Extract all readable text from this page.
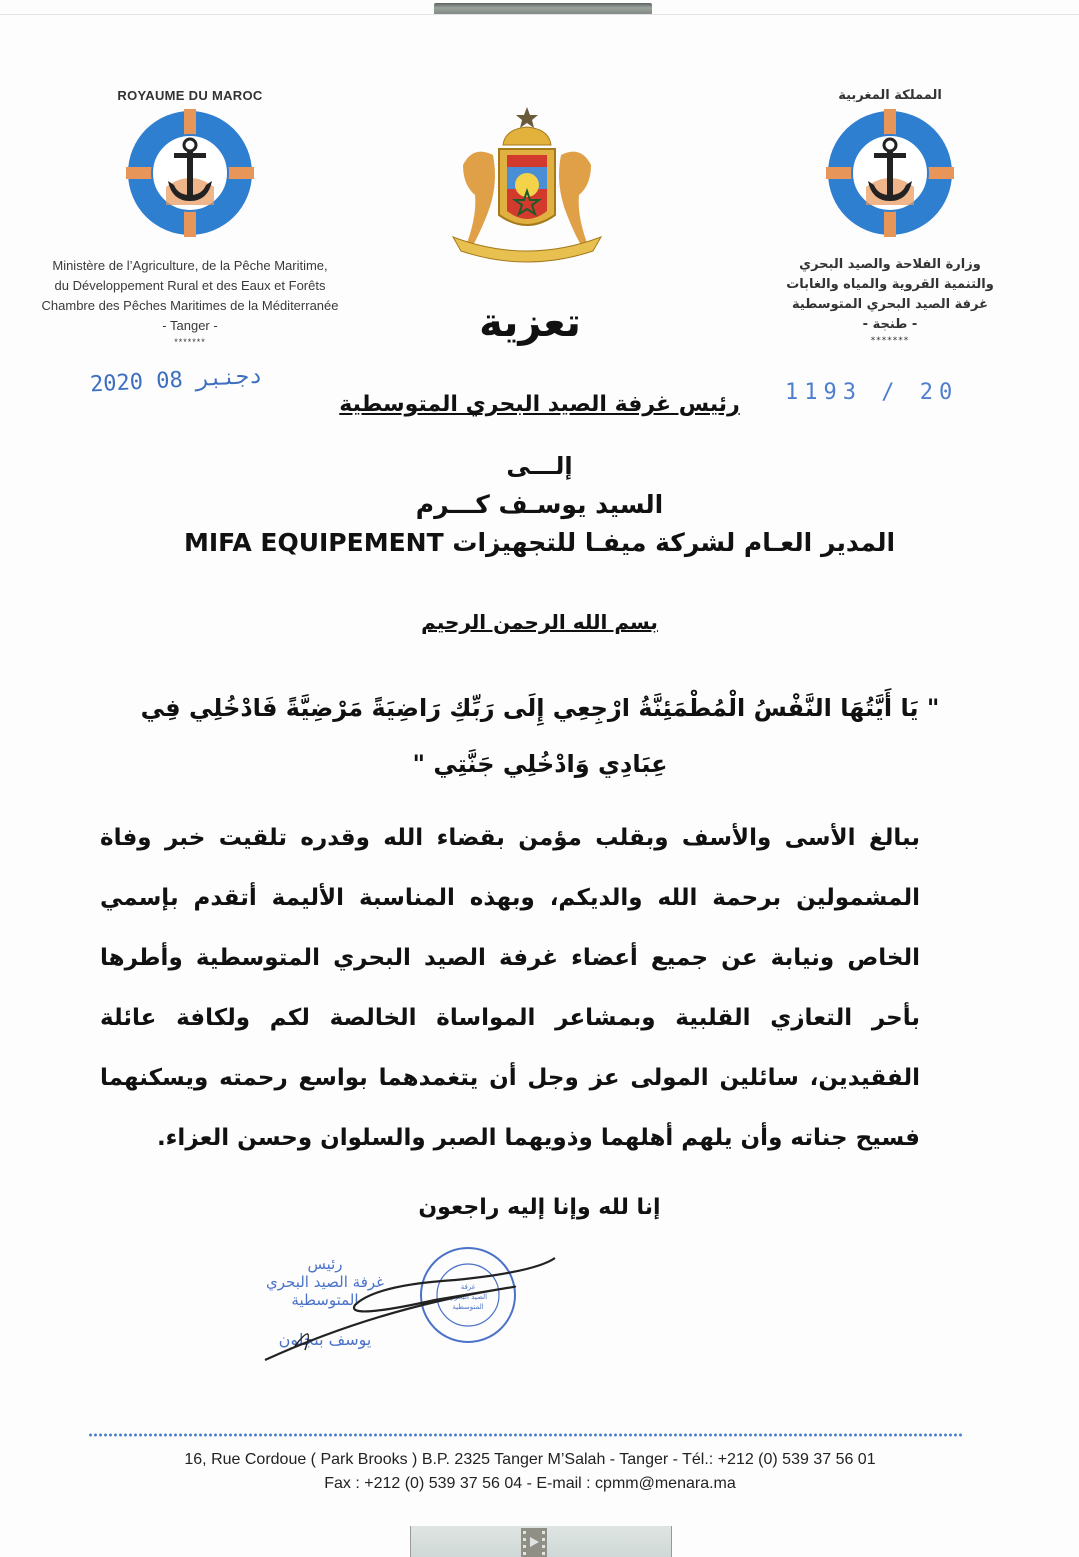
ROYAUME DU MAROC
Ministère de l’Agriculture, de la Pêche Maritime,
du Développement Rural et des Eaux et Forêts
Chambre des Pêches Maritimes de la Méditerranée
- Tanger -
*******
المملكة المغربية
وزارة الفلاحة والصيد البحري
والتنمية القروية والمياه والغابات
غرفة الصيد البحري المتوسطية
- طنجة -
*******
تعزية
2020 دجنبر 08	1193 / 20
رئيس غرفة الصيد البحري المتوسطية
إلـــى
السيد يوسـف كـــرم
المدير العـام لشركة ميفـا للتجهيزات MIFA EQUIPEMENT
بسم الله الرحمن الرحيم
" يَا أَيَّتُهَا النَّفْسُ الْمُطْمَئِنَّةُ ارْجِعِي إِلَى رَبِّكِ رَاضِيَةً مَرْضِيَّةً فَادْخُلِي فِي عِبَادِي وَادْخُلِي جَنَّتِي "
ببالغ الأسى والأسف وبقلب مؤمن بقضاء الله وقدره تلقيت خبر وفاة المشمولين برحمة الله والديكم، وبهذه المناسبة الأليمة أتقدم بإسمي الخاص ونيابة عن جميع أعضاء غرفة الصيد البحري المتوسطية وأطرها بأحر التعازي القلبية وبمشاعر المواساة الخالصة لكم ولكافة عائلة الفقيدين، سائلين المولى عز وجل أن يتغمدهما بواسع رحمته ويسكنهما فسيح جناته وأن يلهم أهلهما وذويهما الصبر والسلوان وحسن العزاء.
إنا لله وإنا إليه راجعون
رئيس
غرفة الصيد البحري
المتوسطية
يوسف بنجلون
غرفة
الصيد البحري
المتوسطية
16, Rue Cordoue ( Park Brooks ) B.P. 2325 Tanger M’Salah - Tanger - Tél.: +212 (0) 539 37 56 01
Fax : +212 (0) 539 37 56 04 - E-mail : cpmm@menara.ma
